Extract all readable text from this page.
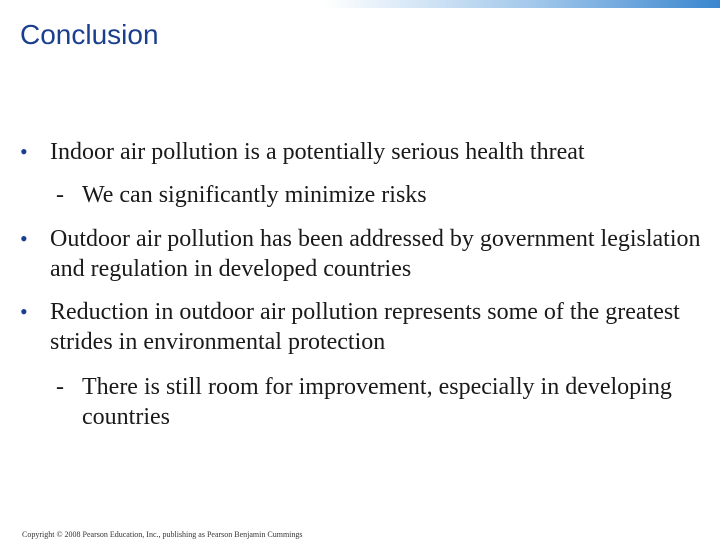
Conclusion
• Indoor air pollution is a potentially serious health threat
- We can significantly minimize risks
• Outdoor air pollution has been addressed by government legislation and regulation in developed countries
• Reduction in outdoor air pollution represents some of the greatest strides in environmental protection
- There is still room for improvement, especially in developing countries
Copyright © 2008 Pearson Education, Inc., publishing as Pearson Benjamin Cummings
